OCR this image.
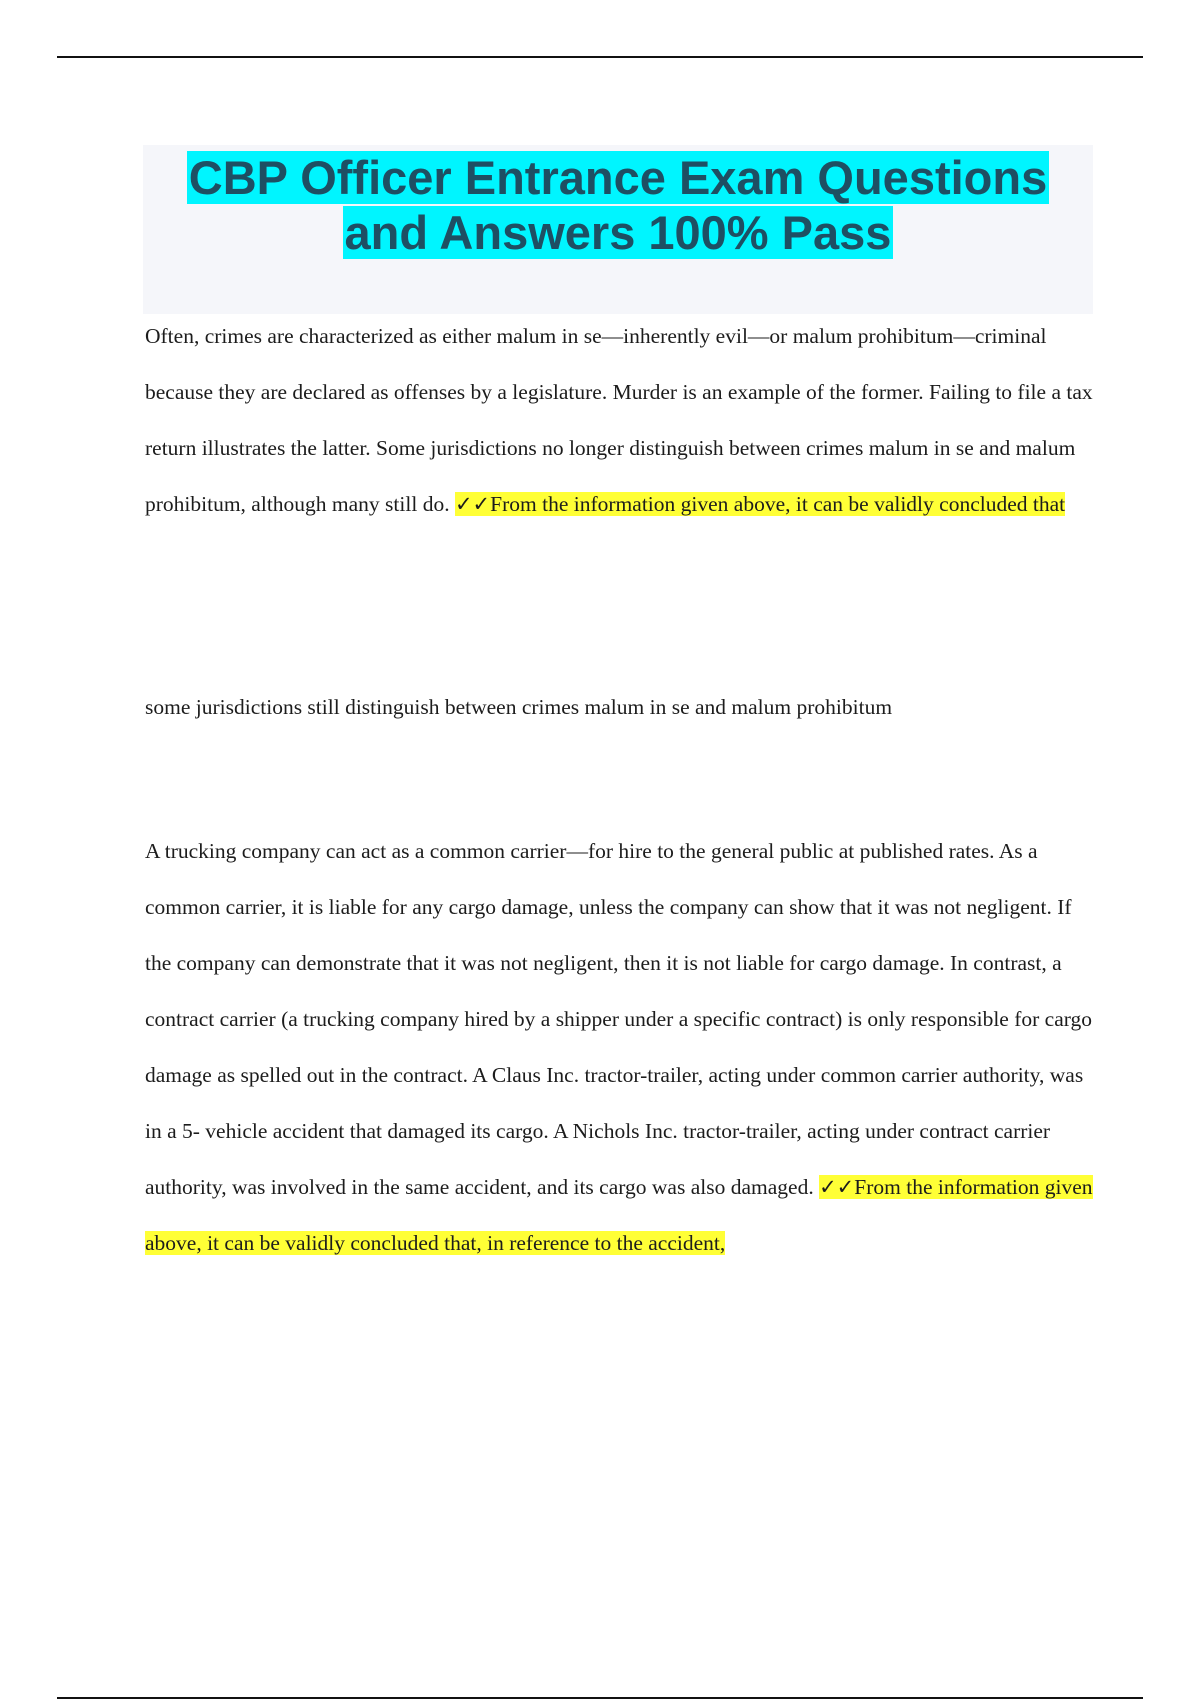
CBP Officer Entrance Exam Questions
and Answers 100% Pass

Often, crimes are characterized as either malum in se—inherently evil—or malum prohibitum—criminal because they are declared as offenses by a legislature. Murder is an example of the former. Failing to file a tax return illustrates the latter. Some jurisdictions no longer distinguish between crimes malum in se and malum prohibitum, although many still do. ✓✓From the information given above, it can be validly concluded that

some jurisdictions still distinguish between crimes malum in se and malum prohibitum

A trucking company can act as a common carrier—for hire to the general public at published rates. As a common carrier, it is liable for any cargo damage, unless the company can show that it was not negligent. If the company can demonstrate that it was not negligent, then it is not liable for cargo damage. In contrast, a contract carrier (a trucking company hired by a shipper under a specific contract) is only responsible for cargo damage as spelled out in the contract. A Claus Inc. tractor-trailer, acting under common carrier authority, was in a 5- vehicle accident that damaged its cargo. A Nichols Inc. tractor-trailer, acting under contract carrier authority, was involved in the same accident, and its cargo was also damaged. ✓✓From the information given above, it can be validly concluded that, in reference to the accident,
